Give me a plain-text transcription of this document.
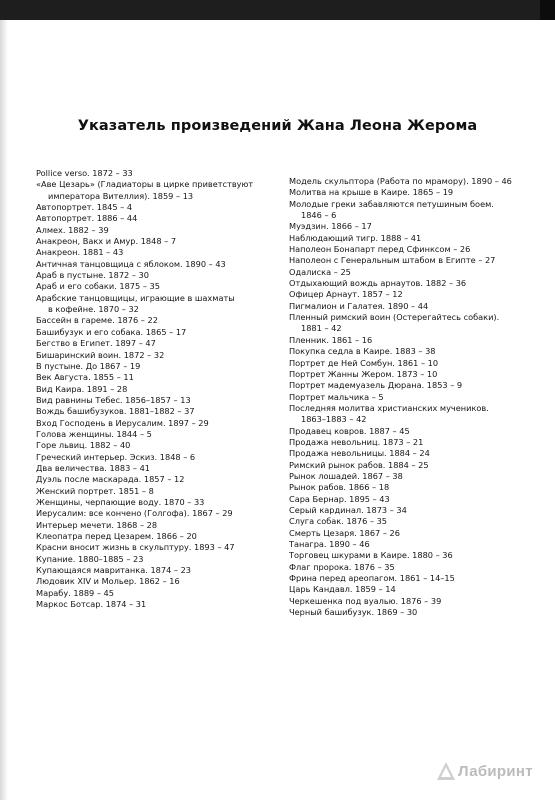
Указатель произведений Жана Леона Жерома
Pollice verso. 1872 – 33
«Аве Цезарь» (Гладиаторы в цирке приветствуют
императора Вителлия). 1859 – 13
Автопортрет. 1845 – 4
Автопортрет. 1886 – 44
Алмех. 1882 – 39
Анакреон, Вакх и Амур. 1848 – 7
Анакреон. 1881 – 43
Античная танцовщица с яблоком. 1890 – 43
Араб в пустыне. 1872 – 30
Араб и его собаки. 1875 – 35
Арабские танцовщицы, играющие в шахматы
в кофейне. 1870 – 32
Бассейн в гареме. 1876 – 22
Башибузук и его собака. 1865 – 17
Бегство в Египет. 1897 – 47
Бишаринский воин. 1872 – 32
В пустыне. До 1867 – 19
Век Августа. 1855 – 11
Вид Каира. 1891 – 28
Вид равнины Тебес. 1856–1857 – 13
Вождь башибузуков. 1881–1882 – 37
Вход Господень в Иерусалим. 1897 – 29
Голова женщины. 1844 – 5
Горе львиц. 1882 – 40
Греческий интерьер. Эскиз. 1848 – 6
Два величества. 1883 – 41
Дуэль после маскарада. 1857 – 12
Женский портрет. 1851 – 8
Женщины, черпающие воду. 1870 – 33
Иерусалим: все кончено (Голгофа). 1867 – 29
Интерьер мечети. 1868 – 28
Клеопатра перед Цезарем. 1866 – 20
Красни вносит жизнь в скульптуру. 1893 – 47
Купание. 1880–1885 – 23
Купающаяся мавританка. 1874 – 23
Людовик XIV и Мольер. 1862 – 16
Марабу. 1889 – 45
Маркос Ботсар. 1874 – 31
Модель скульптора (Работа по мрамору). 1890 – 46
Молитва на крыше в Каире. 1865 – 19
Молодые греки забавляются петушиным боем.
1846 – 6
Муэдзин. 1866 – 17
Наблюдающий тигр. 1888 – 41
Наполеон Бонапарт перед Сфинксом – 26
Наполеон с Генеральным штабом в Египте – 27
Одалиска – 25
Отдыхающий вождь арнаутов. 1882 – 36
Офицер Арнаут. 1857 – 12
Пигмалион и Галатея. 1890 – 44
Пленный римский воин (Остерегайтесь собаки).
1881 – 42
Пленник. 1861 – 16
Покупка седла в Каире. 1883 – 38
Портрет де Ней Сомбун. 1861 – 10
Портрет Жанны Жером. 1873 – 10
Портрет мадемуазель Дюрана. 1853 – 9
Портрет мальчика – 5
Последняя молитва христианских мучеников.
1863–1883 – 42
Продавец ковров. 1887 – 45
Продажа невольниц. 1873 – 21
Продажа невольницы. 1884 – 24
Римский рынок рабов. 1884 – 25
Рынок лошадей. 1867 – 38
Рынок рабов. 1866 – 18
Сара Бернар. 1895 – 43
Серый кардинал. 1873 – 34
Слуга собак. 1876 – 35
Смерть Цезаря. 1867 – 26
Танагра. 1890 – 46
Торговец шкурами в Каире. 1880 – 36
Флаг пророка. 1876 – 35
Фрина перед ареопагом. 1861 – 14–15
Царь Кандавл. 1859 – 14
Черкешенка под вуалью. 1876 – 39
Черный башибузук. 1869 – 30
Лабиринт
